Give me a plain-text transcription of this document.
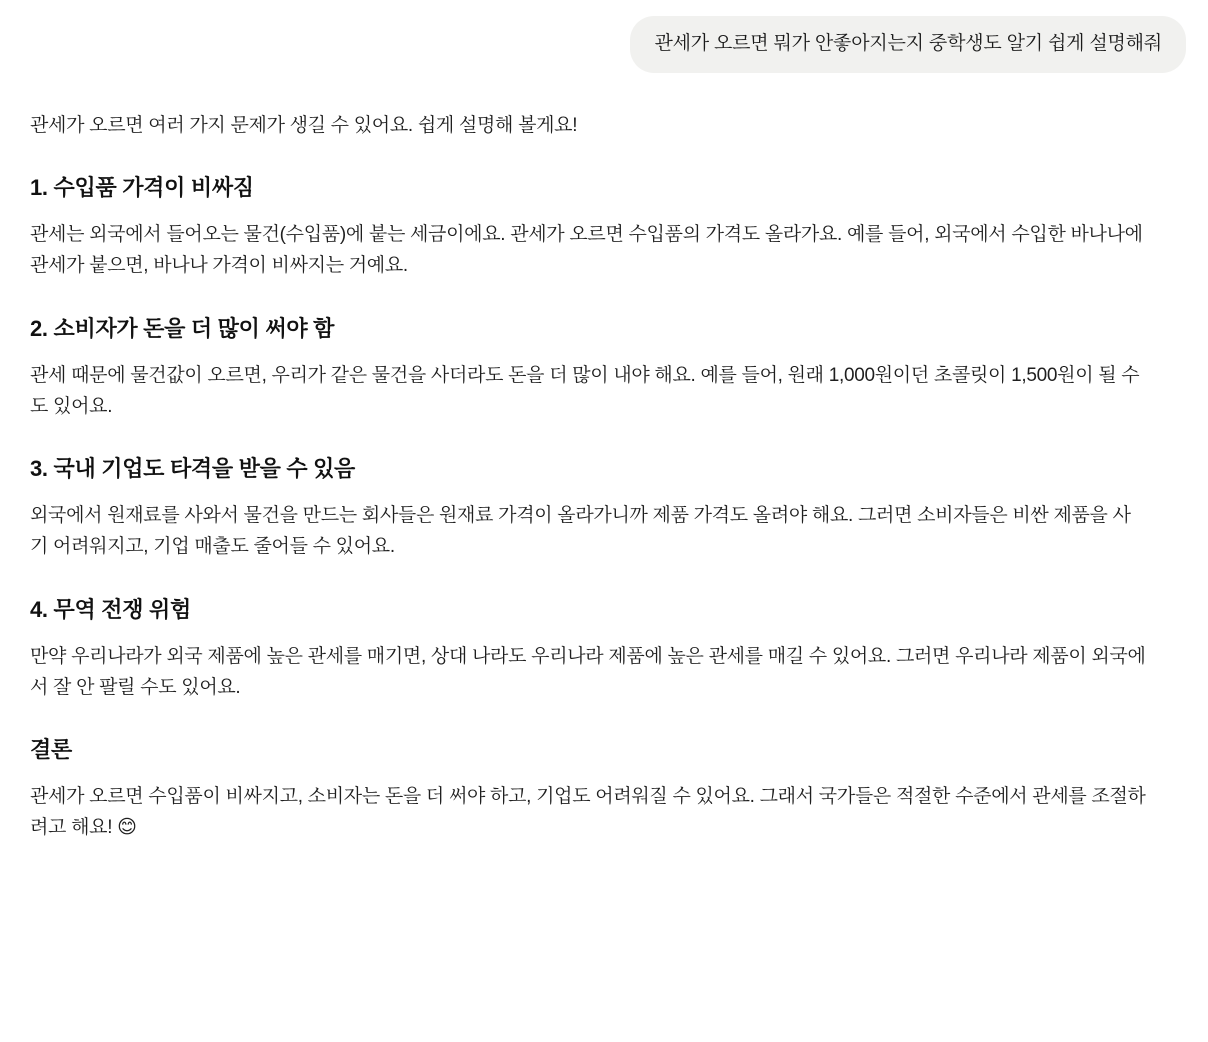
관세가 오르면 뭐가 안좋아지는지 중학생도 알기 쉽게 설명해줘

관세가 오르면 여러 가지 문제가 생길 수 있어요. 쉽게 설명해 볼게요!

1. 수입품 가격이 비싸짐

관세는 외국에서 들어오는 물건(수입품)에 붙는 세금이에요. 관세가 오르면 수입품의 가격도 올라가요. 예를 들어, 외국에서 수입한 바나나에 관세가 붙으면, 바나나 가격이 비싸지는 거예요.

2. 소비자가 돈을 더 많이 써야 함

관세 때문에 물건값이 오르면, 우리가 같은 물건을 사더라도 돈을 더 많이 내야 해요. 예를 들어, 원래 1,000원이던 초콜릿이 1,500원이 될 수도 있어요.

3. 국내 기업도 타격을 받을 수 있음

외국에서 원재료를 사와서 물건을 만드는 회사들은 원재료 가격이 올라가니까 제품 가격도 올려야 해요. 그러면 소비자들은 비싼 제품을 사기 어려워지고, 기업 매출도 줄어들 수 있어요.

4. 무역 전쟁 위험

만약 우리나라가 외국 제품에 높은 관세를 매기면, 상대 나라도 우리나라 제품에 높은 관세를 매길 수 있어요. 그러면 우리나라 제품이 외국에서 잘 안 팔릴 수도 있어요.

결론

관세가 오르면 수입품이 비싸지고, 소비자는 돈을 더 써야 하고, 기업도 어려워질 수 있어요. 그래서 국가들은 적절한 수준에서 관세를 조절하려고 해요! 😊
